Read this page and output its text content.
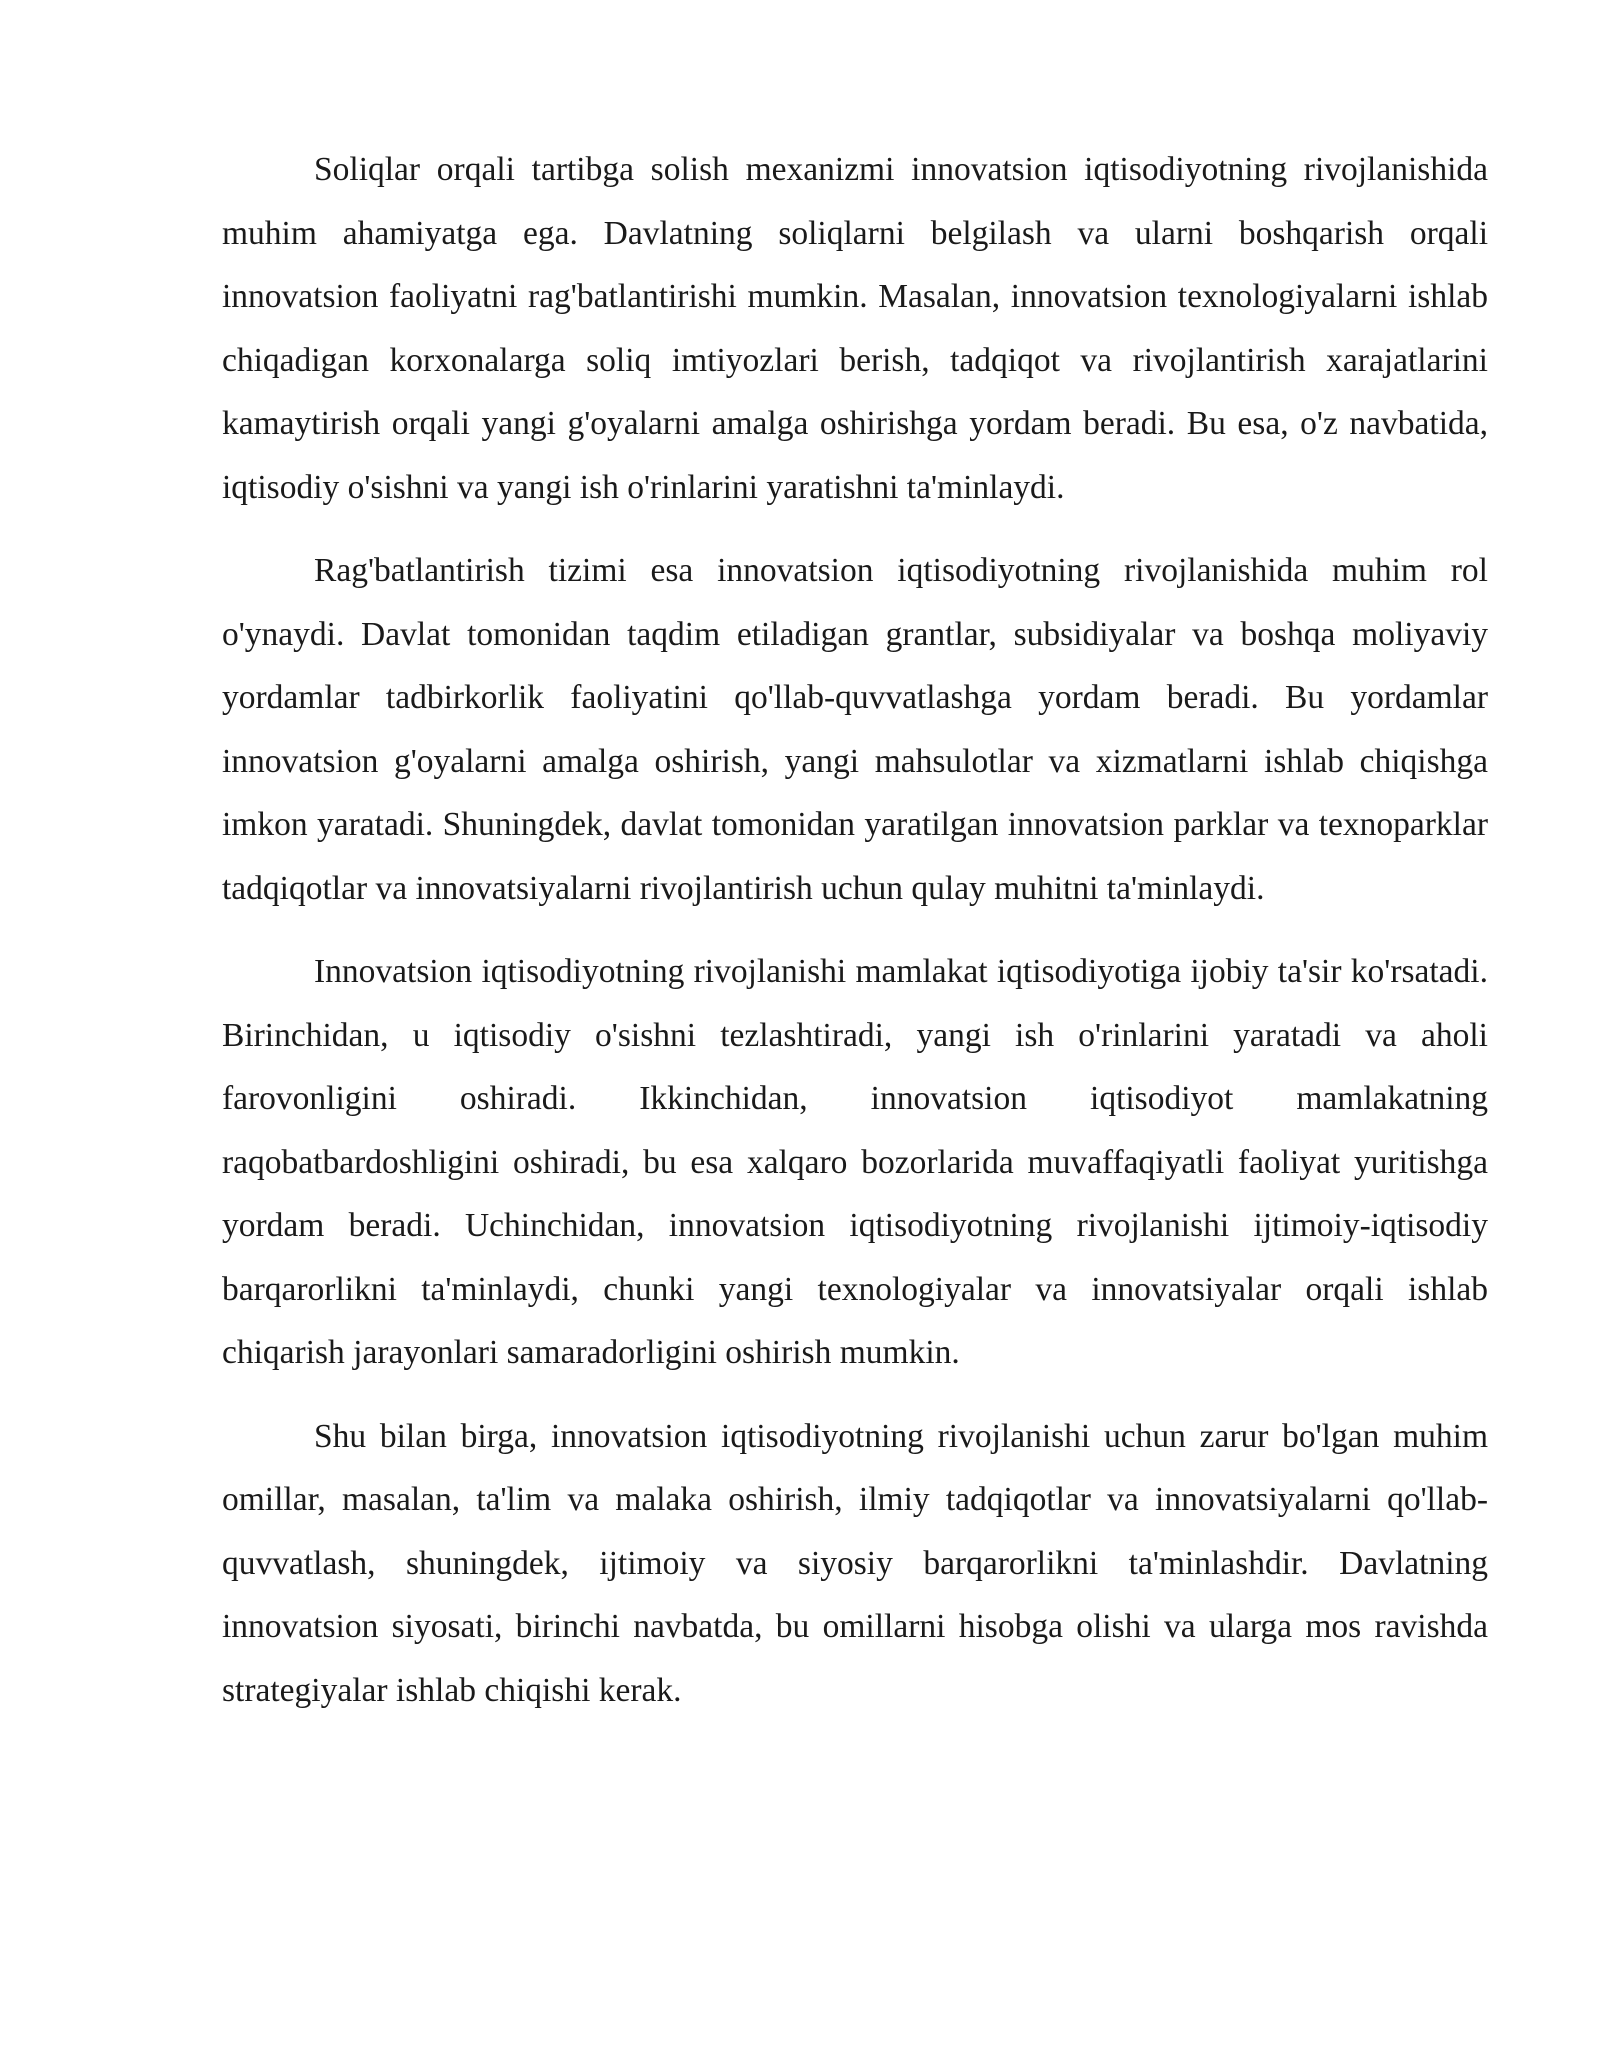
Soliqlar orqali tartibga solish mexanizmi innovatsion iqtisodiyotning rivojlanishida muhim ahamiyatga ega. Davlatning soliqlarni belgilash va ularni boshqarish orqali innovatsion faoliyatni rag'batlantirishi mumkin. Masalan, innovatsion texnologiyalarni ishlab chiqadigan korxonalarga soliq imtiyozlari berish, tadqiqot va rivojlantirish xarajatlarini kamaytirish orqali yangi g'oyalarni amalga oshirishga yordam beradi. Bu esa, o'z navbatida, iqtisodiy o'sishni va yangi ish o'rinlarini yaratishni ta'minlaydi.

Rag'batlantirish tizimi esa innovatsion iqtisodiyotning rivojlanishida muhim rol o'ynaydi. Davlat tomonidan taqdim etiladigan grantlar, subsidiyalar va boshqa moliyaviy yordamlar tadbirkorlik faoliyatini qo'llab-quvvatlashga yordam beradi. Bu yordamlar innovatsion g'oyalarni amalga oshirish, yangi mahsulotlar va xizmatlarni ishlab chiqishga imkon yaratadi. Shuningdek, davlat tomonidan yaratilgan innovatsion parklar va texnoparklar tadqiqotlar va innovatsiyalarni rivojlantirish uchun qulay muhitni ta'minlaydi.

Innovatsion iqtisodiyotning rivojlanishi mamlakat iqtisodiyotiga ijobiy ta'sir ko'rsatadi. Birinchidan, u iqtisodiy o'sishni tezlashtiradi, yangi ish o'rinlarini yaratadi va aholi farovonligini oshiradi. Ikkinchidan, innovatsion iqtisodiyot mamlakatning raqobatbardoshligini oshiradi, bu esa xalqaro bozorlarida muvaffaqiyatli faoliyat yuritishga yordam beradi. Uchinchidan, innovatsion iqtisodiyotning rivojlanishi ijtimoiy-iqtisodiy barqarorlikni ta'minlaydi, chunki yangi texnologiyalar va innovatsiyalar orqali ishlab chiqarish jarayonlari samaradorligini oshirish mumkin.

Shu bilan birga, innovatsion iqtisodiyotning rivojlanishi uchun zarur bo'lgan muhim omillar, masalan, ta'lim va malaka oshirish, ilmiy tadqiqotlar va innovatsiyalarni qo'llab-quvvatlash, shuningdek, ijtimoiy va siyosiy barqarorlikni ta'minlashdir. Davlatning innovatsion siyosati, birinchi navbatda, bu omillarni hisobga olishi va ularga mos ravishda strategiyalar ishlab chiqishi kerak.
